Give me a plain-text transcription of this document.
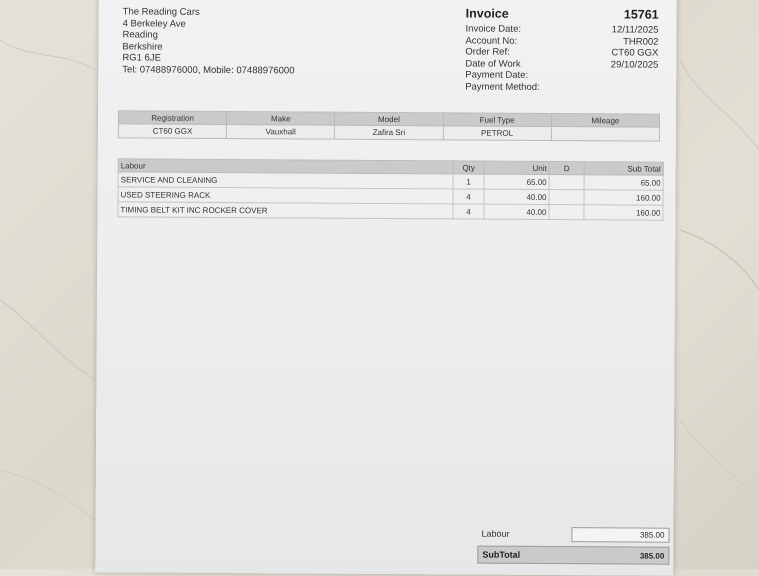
The Reading Cars
4 Berkeley Ave
Reading
Berkshire
RG1 6JE
Tel: 07488976000, Mobile: 07488976000
Invoice	15761
Invoice Date:	12/11/2025
Account No:	THR002
Order Ref:	CT60 GGX
Date of Work	29/10/2025
Payment Date:
Payment Method:
Registration	Make	Model	Fuel Type	Mileage
CT60 GGX	Vauxhall	Zafira Sri	PETROL	
Labour	Qty	Unit	D	Sub Total
SERVICE AND CLEANING	1	65.00		65.00
USED STEERING RACK	4	40.00		160.00
TIMING BELT KIT INC ROCKER COVER	4	40.00		160.00
Labour	385.00
SubTotal	385.00
